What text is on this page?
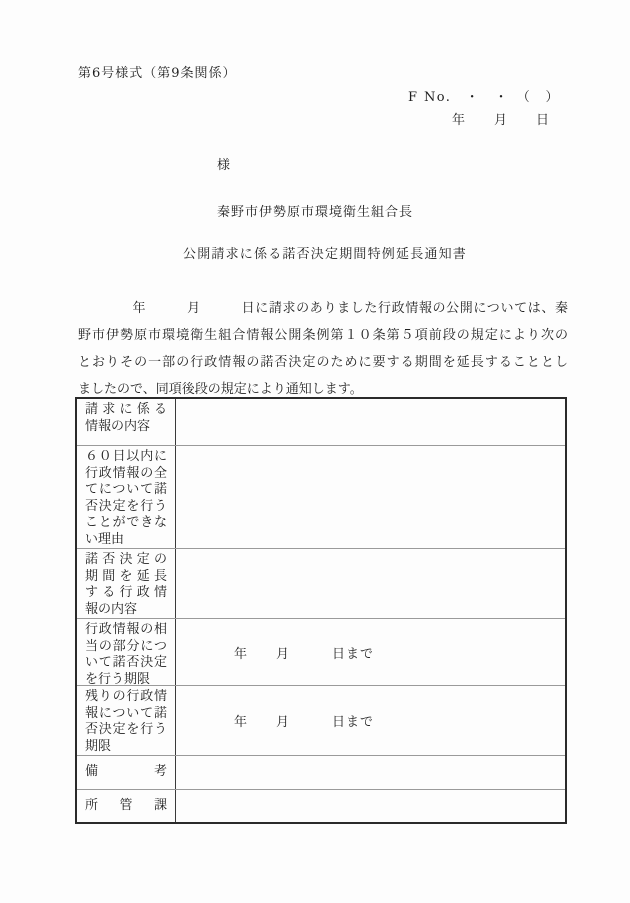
第6号様式（第9条関係）
F No.　・　・　（　）
年　　月　　日
様
秦野市伊勢原市環境衛生組合長
公開請求に係る諾否決定期間特例延長通知書
　　　　年　　　月　　　日に請求のありました行政情報の公開については、秦
野市伊勢原市環境衛生組合情報公開条例第１０条第５項前段の規定により次の
とおりその一部の行政情報の諾否決定のために要する期間を延長することとし
ましたので、同項後段の規定により通知します。
請求に係る
情報の内容
６０日以内に行政情報の全てについて諾否決定を行うことができない理由
諾否決定の
期間を延長
する行政情
報の内容
行政情報の相当の部分について諾否決定を行う期限
年　　月　　　日まで
残りの行政情報について諾否決定を行う期限
年　　月　　　日まで
備考
所管課
